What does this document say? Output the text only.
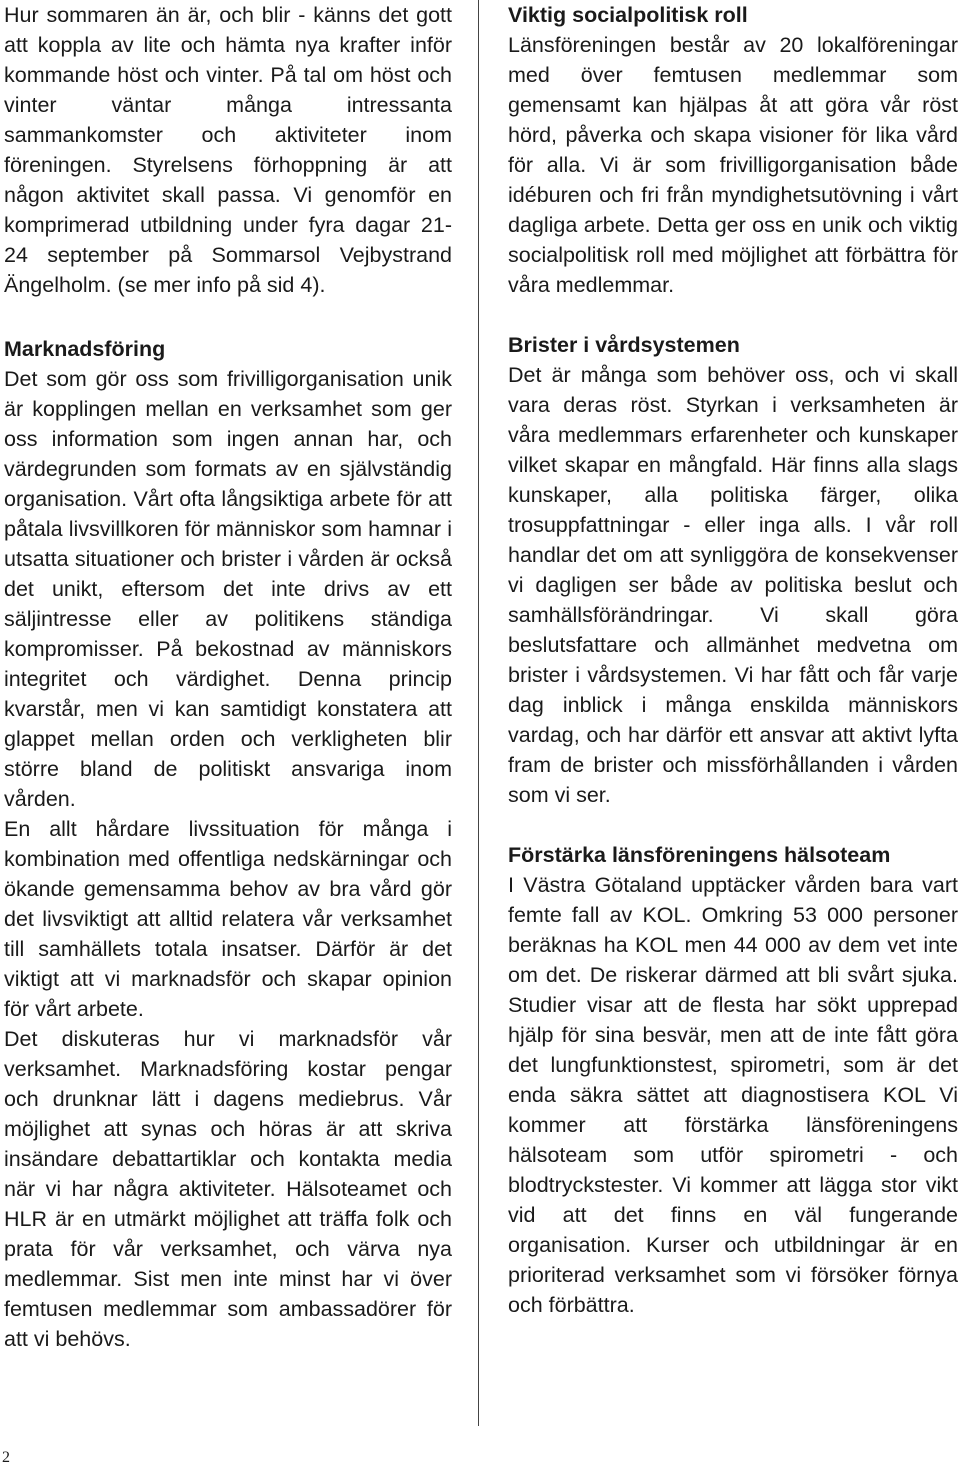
Hur sommaren än är, och blir - känns det gott att koppla av lite och hämta nya krafter inför kommande höst och vinter. På tal om höst och vinter väntar många intressanta sammankomster och aktiviteter inom föreningen. Styrelsens förhoppning är att någon aktivitet skall passa. Vi genomför en komprimerad utbildning under fyra dagar 21-24 september på Sommarsol Vejbystrand Ängelholm. (se mer info på sid 4).

Marknadsföring

Det som gör oss som frivilligorganisation unik är kopplingen mellan en verksamhet som ger oss information som ingen annan har, och värdegrunden som formats av en självständig organisation. Vårt ofta långsiktiga arbete för att påtala livsvillkoren för människor som hamnar i utsatta situationer och brister i vården är också det unikt, eftersom det inte drivs av ett säljintresse eller av politikens ständiga kompromisser. På bekostnad av människors integritet och värdighet. Denna princip kvarstår, men vi kan samtidigt konstatera att glappet mellan orden och verkligheten blir större bland de politiskt ansvariga inom vården.

En allt hårdare livssituation för många i kombination med offentliga nedskärningar och ökande gemensamma behov av bra vård gör det livsviktigt att alltid relatera vår verksamhet till samhällets totala insatser. Därför är det viktigt att vi marknadsför och skapar opinion för vårt arbete.

Det diskuteras hur vi marknadsför vår verksamhet. Marknadsföring kostar pengar och drunknar lätt i dagens mediebrus. Vår möjlighet att synas och höras är att skriva insändare debattartiklar och kontakta media när vi har några aktiviteter. Hälsoteamet och HLR är en utmärkt möjlighet att träffa folk och prata för vår verksamhet, och värva nya medlemmar. Sist men inte minst har vi över femtusen medlemmar som ambassadörer för att vi behövs.

Viktig socialpolitisk roll

Länsföreningen består av 20 lokalföreningar med över femtusen medlemmar som gemensamt kan hjälpas åt att göra vår röst hörd, påverka och skapa visioner för lika vård för alla. Vi är som frivilligorganisation både idéburen och fri från myndighetsutövning i vårt dagliga arbete. Detta ger oss en unik och viktig socialpolitisk roll med möjlighet att förbättra för våra medlemmar.

Brister i vårdsystemen

Det är många som behöver oss, och vi skall vara deras röst. Styrkan i verksamheten är våra medlemmars erfarenheter och kunskaper vilket skapar en mångfald. Här finns alla slags kunskaper, alla politiska färger, olika trosuppfattningar - eller inga alls. I vår roll handlar det om att synliggöra de konsekvenser vi dagligen ser både av politiska beslut och samhällsförändringar. Vi skall göra beslutsfattare och allmänhet medvetna om brister i vårdsystemen. Vi har fått och får varje dag inblick i många enskilda människors vardag, och har därför ett ansvar att aktivt lyfta fram de brister och missförhållanden i vården som vi ser.

Förstärka länsföreningens hälsoteam

I Västra Götaland upptäcker vården bara vart femte fall av KOL. Omkring 53 000 personer beräknas ha KOL men 44 000 av dem vet inte om det. De riskerar därmed att bli svårt sjuka. Studier visar att de flesta har sökt upprepad hjälp för sina besvär, men att de inte fått göra det lungfunktionstest, spirometri, som är det enda säkra sättet att diagnostisera KOL Vi kommer att förstärka länsföreningens hälsoteam som utför spirometri - och blodtryckstester. Vi kommer att lägga stor vikt vid att det finns en väl fungerande organisation. Kurser och utbildningar är en prioriterad verksamhet som vi försöker förnya och förbättra.

2
